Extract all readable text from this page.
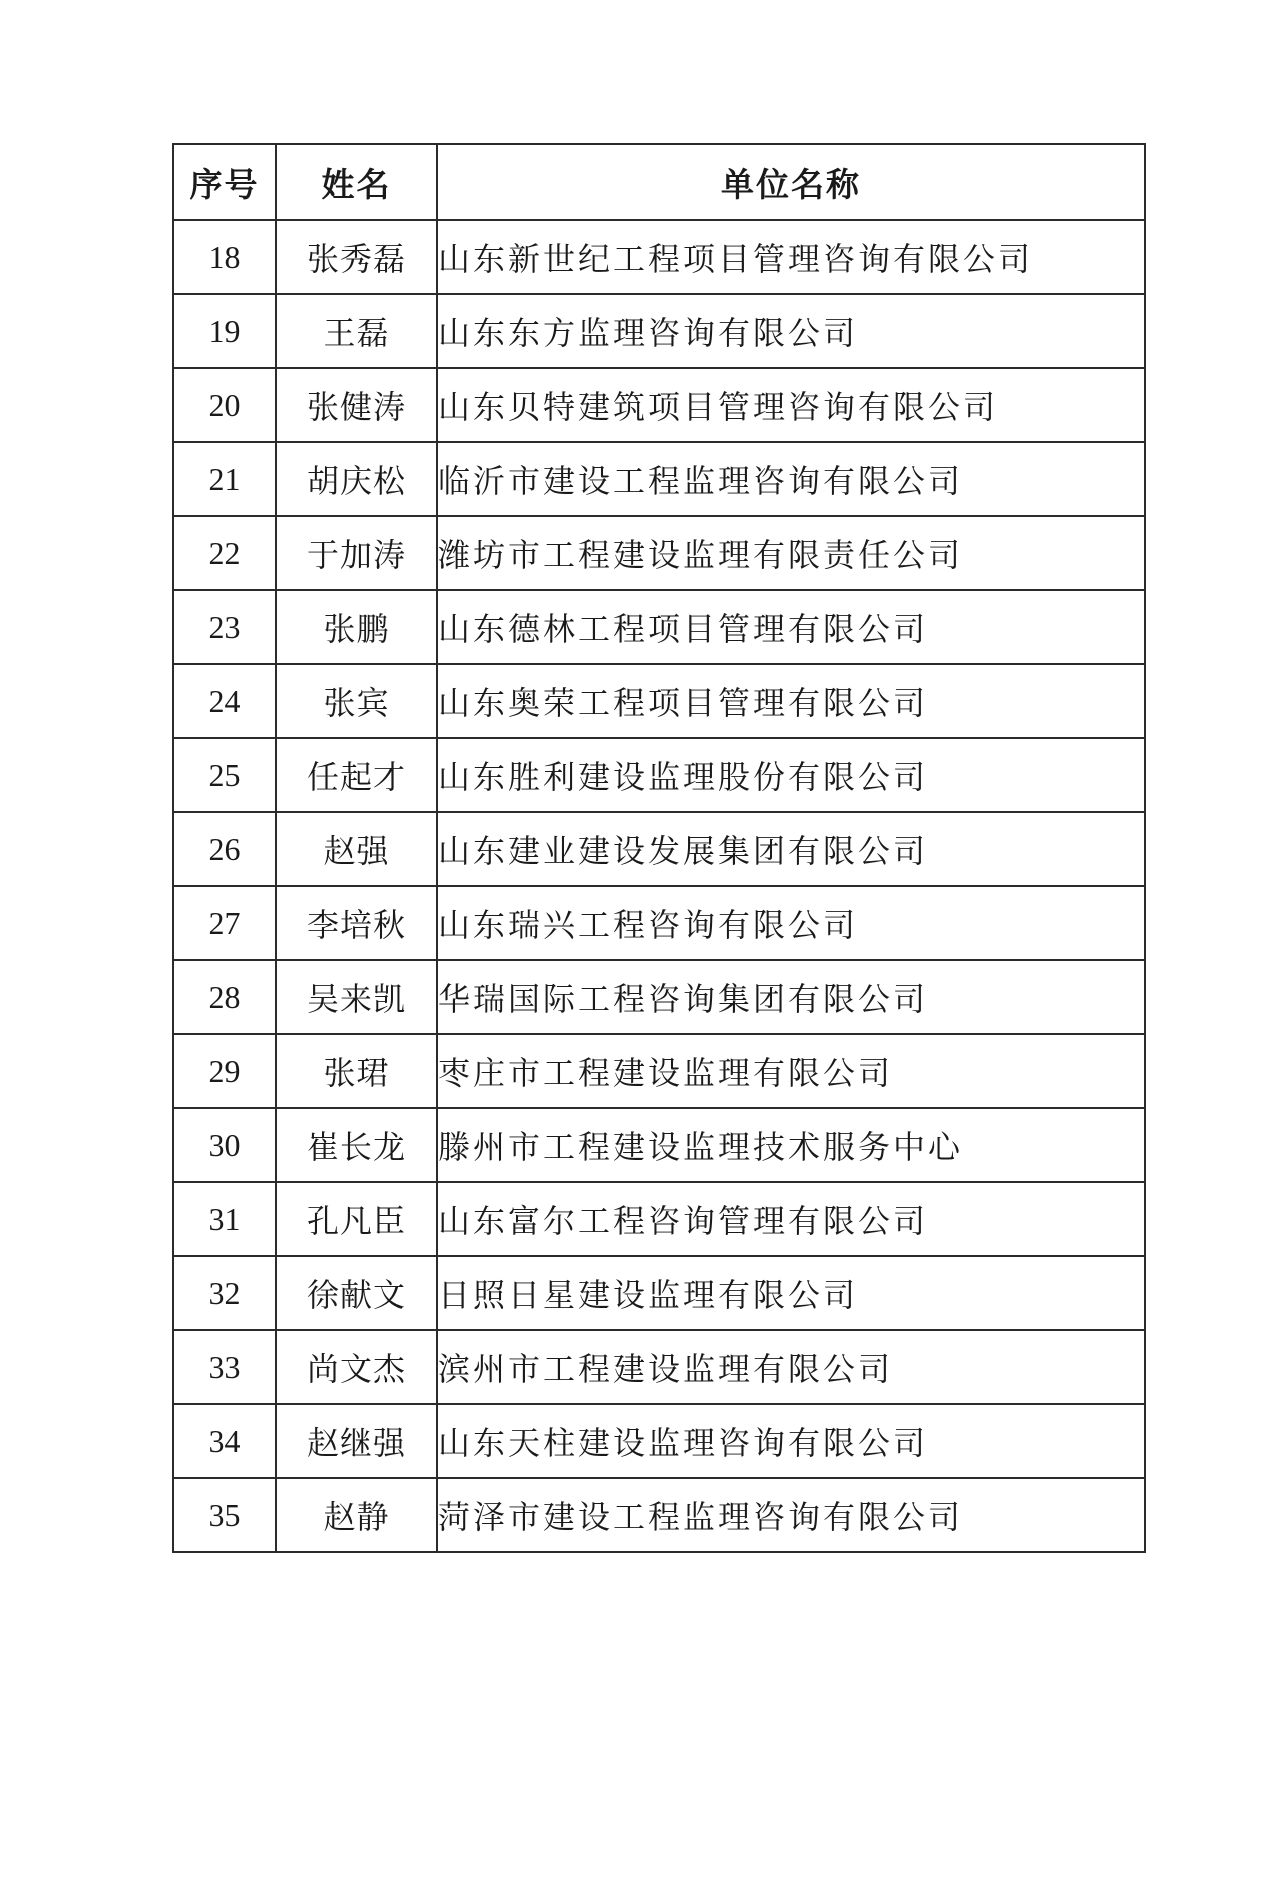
序号	姓名	单位名称
18	张秀磊	山东新世纪工程项目管理咨询有限公司
19	王磊	山东东方监理咨询有限公司
20	张健涛	山东贝特建筑项目管理咨询有限公司
21	胡庆松	临沂市建设工程监理咨询有限公司
22	于加涛	潍坊市工程建设监理有限责任公司
23	张鹏	山东德林工程项目管理有限公司
24	张宾	山东奥荣工程项目管理有限公司
25	任起才	山东胜利建设监理股份有限公司
26	赵强	山东建业建设发展集团有限公司
27	李培秋	山东瑞兴工程咨询有限公司
28	吴来凯	华瑞国际工程咨询集团有限公司
29	张珺	枣庄市工程建设监理有限公司
30	崔长龙	滕州市工程建设监理技术服务中心
31	孔凡臣	山东富尔工程咨询管理有限公司
32	徐献文	日照日星建设监理有限公司
33	尚文杰	滨州市工程建设监理有限公司
34	赵继强	山东天柱建设监理咨询有限公司
35	赵静	菏泽市建设工程监理咨询有限公司
